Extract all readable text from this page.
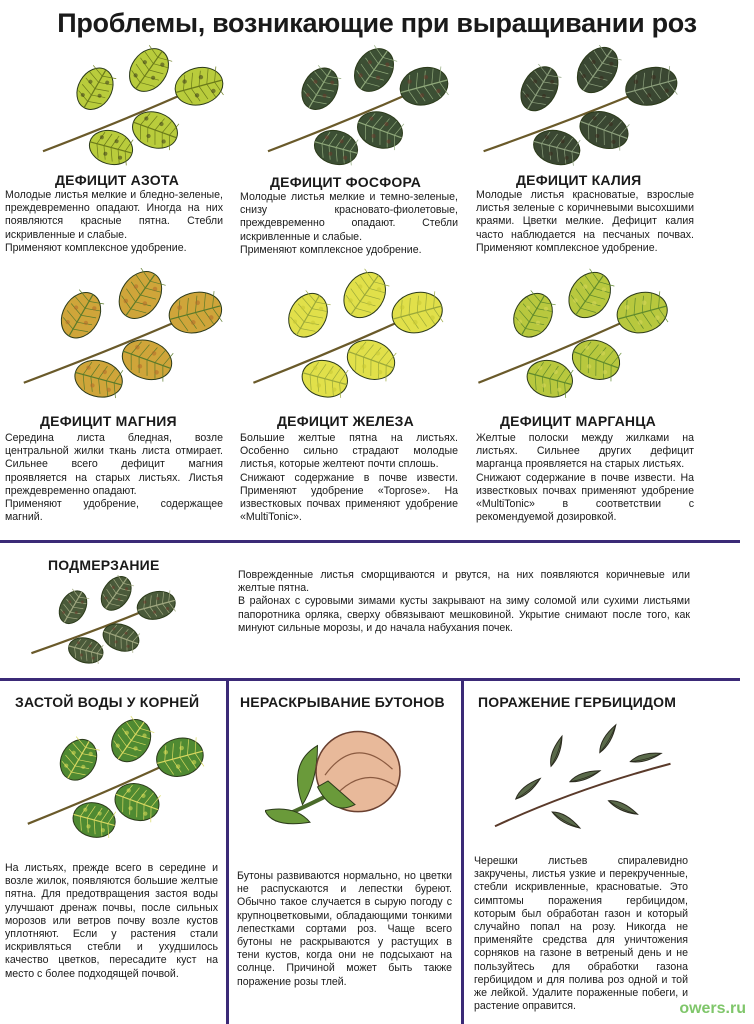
Проблемы, возникающие при выращивании роз
ДЕФИЦИТ АЗОТА
Молодые листья мелкие и бледно-зеленые, преждевременно опадают. Иногда на них появляются красные пятна. Стебли искривленные и слабые.
Применяют комплексное удобрение.
ДЕФИЦИТ ФОСФОРА
Молодые листья мелкие и темно-зеленые, снизу красновато-фиолетовые, преждевременно опадают. Стебли искривленные и слабые.
Применяют комплексное удобрение.
ДЕФИЦИТ КАЛИЯ
Молодые листья красноватые, взрослые листья зеленые с коричневыми высохшими краями. Цветки мелкие. Дефицит калия часто наблюдается на песчаных почвах. Применяют комплексное удобрение.
ДЕФИЦИТ МАГНИЯ
Середина листа бледная, возле центральной жилки ткань листа отмирает. Сильнее всего дефицит магния проявляется на старых листьях. Листья преждевременно опадают.
Применяют удобрение, содержащее магний.
ДЕФИЦИТ ЖЕЛЕЗА
Большие желтые пятна на листьях. Особенно сильно страдают молодые листья, которые желтеют почти сплошь.
Снижают содержание в почве извести. Применяют удобрение «Toprose». На известковых почвах применяют удобрение «MultiTonic».
ДЕФИЦИТ МАРГАНЦА
Желтые полоски между жилками на листьях. Сильнее других дефицит марганца проявляется на старых листьях.
Снижают содержание в почве извести. На известковых почвах применяют удобрение «MultiTonic» в соответствии с рекомендуемой дозировкой.
ПОДМЕРЗАНИЕ
Поврежденные листья сморщиваются и рвутся, на них появляются коричневые или желтые пятна.
В районах с суровыми зимами кусты закрывают на зиму соломой или сухими листьями папоротника орляка, сверху обвязывают мешковиной. Укрытие снимают после того, как минуют сильные морозы, и до начала набухания почек.
ЗАСТОЙ ВОДЫ У КОРНЕЙ
На листьях, прежде всего в середине и возле жилок, появляются большие желтые пятна. Для предотвращения застоя воды улучшают дренаж почвы, после сильных морозов или ветров почву возле кустов уплотняют. Если у растения стали искривляться стебли и ухудшилось качество цветков, пересадите куст на место с более подходящей почвой.
НЕРАСКРЫВАНИЕ БУТОНОВ
Бутоны развиваются нормально, но цветки не распускаются и лепестки буреют. Обычно такое случается в сырую погоду с крупноцветковыми, обладающими тонкими лепестками сортами роз. Чаще всего бутоны не раскрываются у растущих в тени кустов, когда они не подсыхают на солнце. Причиной может быть также поражение розы тлей.
ПОРАЖЕНИЕ ГЕРБИЦИДОМ
Черешки листьев спиралевидно закручены, листья узкие и перекрученные, стебли искривленные, красноватые. Это симптомы поражения гербицидом, которым был обработан газон и который случайно попал на розу. Никогда не применяйте средства для уничтожения сорняков на газоне в ветреный день и не пользуйтесь для обработки газона гербицидом и для полива роз одной и той же лейкой. Удалите пораженные побеги, и растение оправится.	owers.ru
